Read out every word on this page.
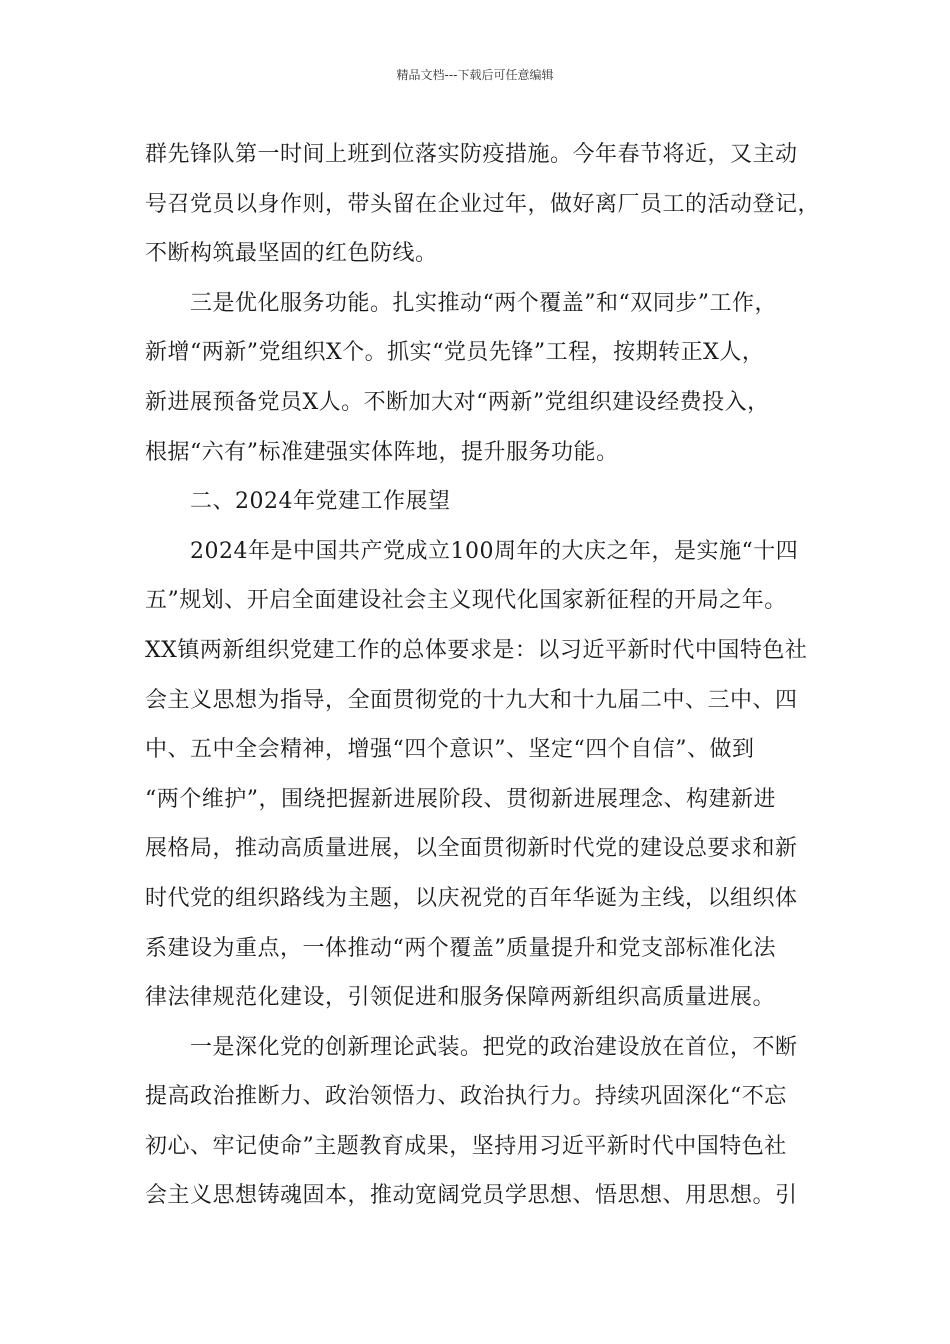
精品文档---下载后可任意编辑
群先锋队第一时间上班到位落实防疫措施。今年春节将近，又主动
号召党员以身作则，带头留在企业过年，做好离厂员工的活动登记，
不断构筑最坚固的红色防线。
　　三是优化服务功能。扎实推动“两个覆盖”和“双同步”工作，
新增“两新”党组织X个。抓实“党员先锋”工程，按期转正X人，
新进展预备党员X人。不断加大对“两新”党组织建设经费投入，
根据“六有”标准建强实体阵地，提升服务功能。
　　二、2024年党建工作展望
　　2024年是中国共产党成立100周年的大庆之年，是实施“十四
五”规划、开启全面建设社会主义现代化国家新征程的开局之年。
XX镇两新组织党建工作的总体要求是：以习近平新时代中国特色社
会主义思想为指导，全面贯彻党的十九大和十九届二中、三中、四
中、五中全会精神，增强“四个意识”、坚定“四个自信”、做到
“两个维护”，围绕把握新进展阶段、贯彻新进展理念、构建新进
展格局，推动高质量进展，以全面贯彻新时代党的建设总要求和新
时代党的组织路线为主题，以庆祝党的百年华诞为主线，以组织体
系建设为重点，一体推动“两个覆盖”质量提升和党支部标准化法
律法律规范化建设，引领促进和服务保障两新组织高质量进展。
　　一是深化党的创新理论武装。把党的政治建设放在首位，不断
提高政治推断力、政治领悟力、政治执行力。持续巩固深化“不忘
初心、牢记使命”主题教育成果，坚持用习近平新时代中国特色社
会主义思想铸魂固本，推动宽阔党员学思想、悟思想、用思想。引
